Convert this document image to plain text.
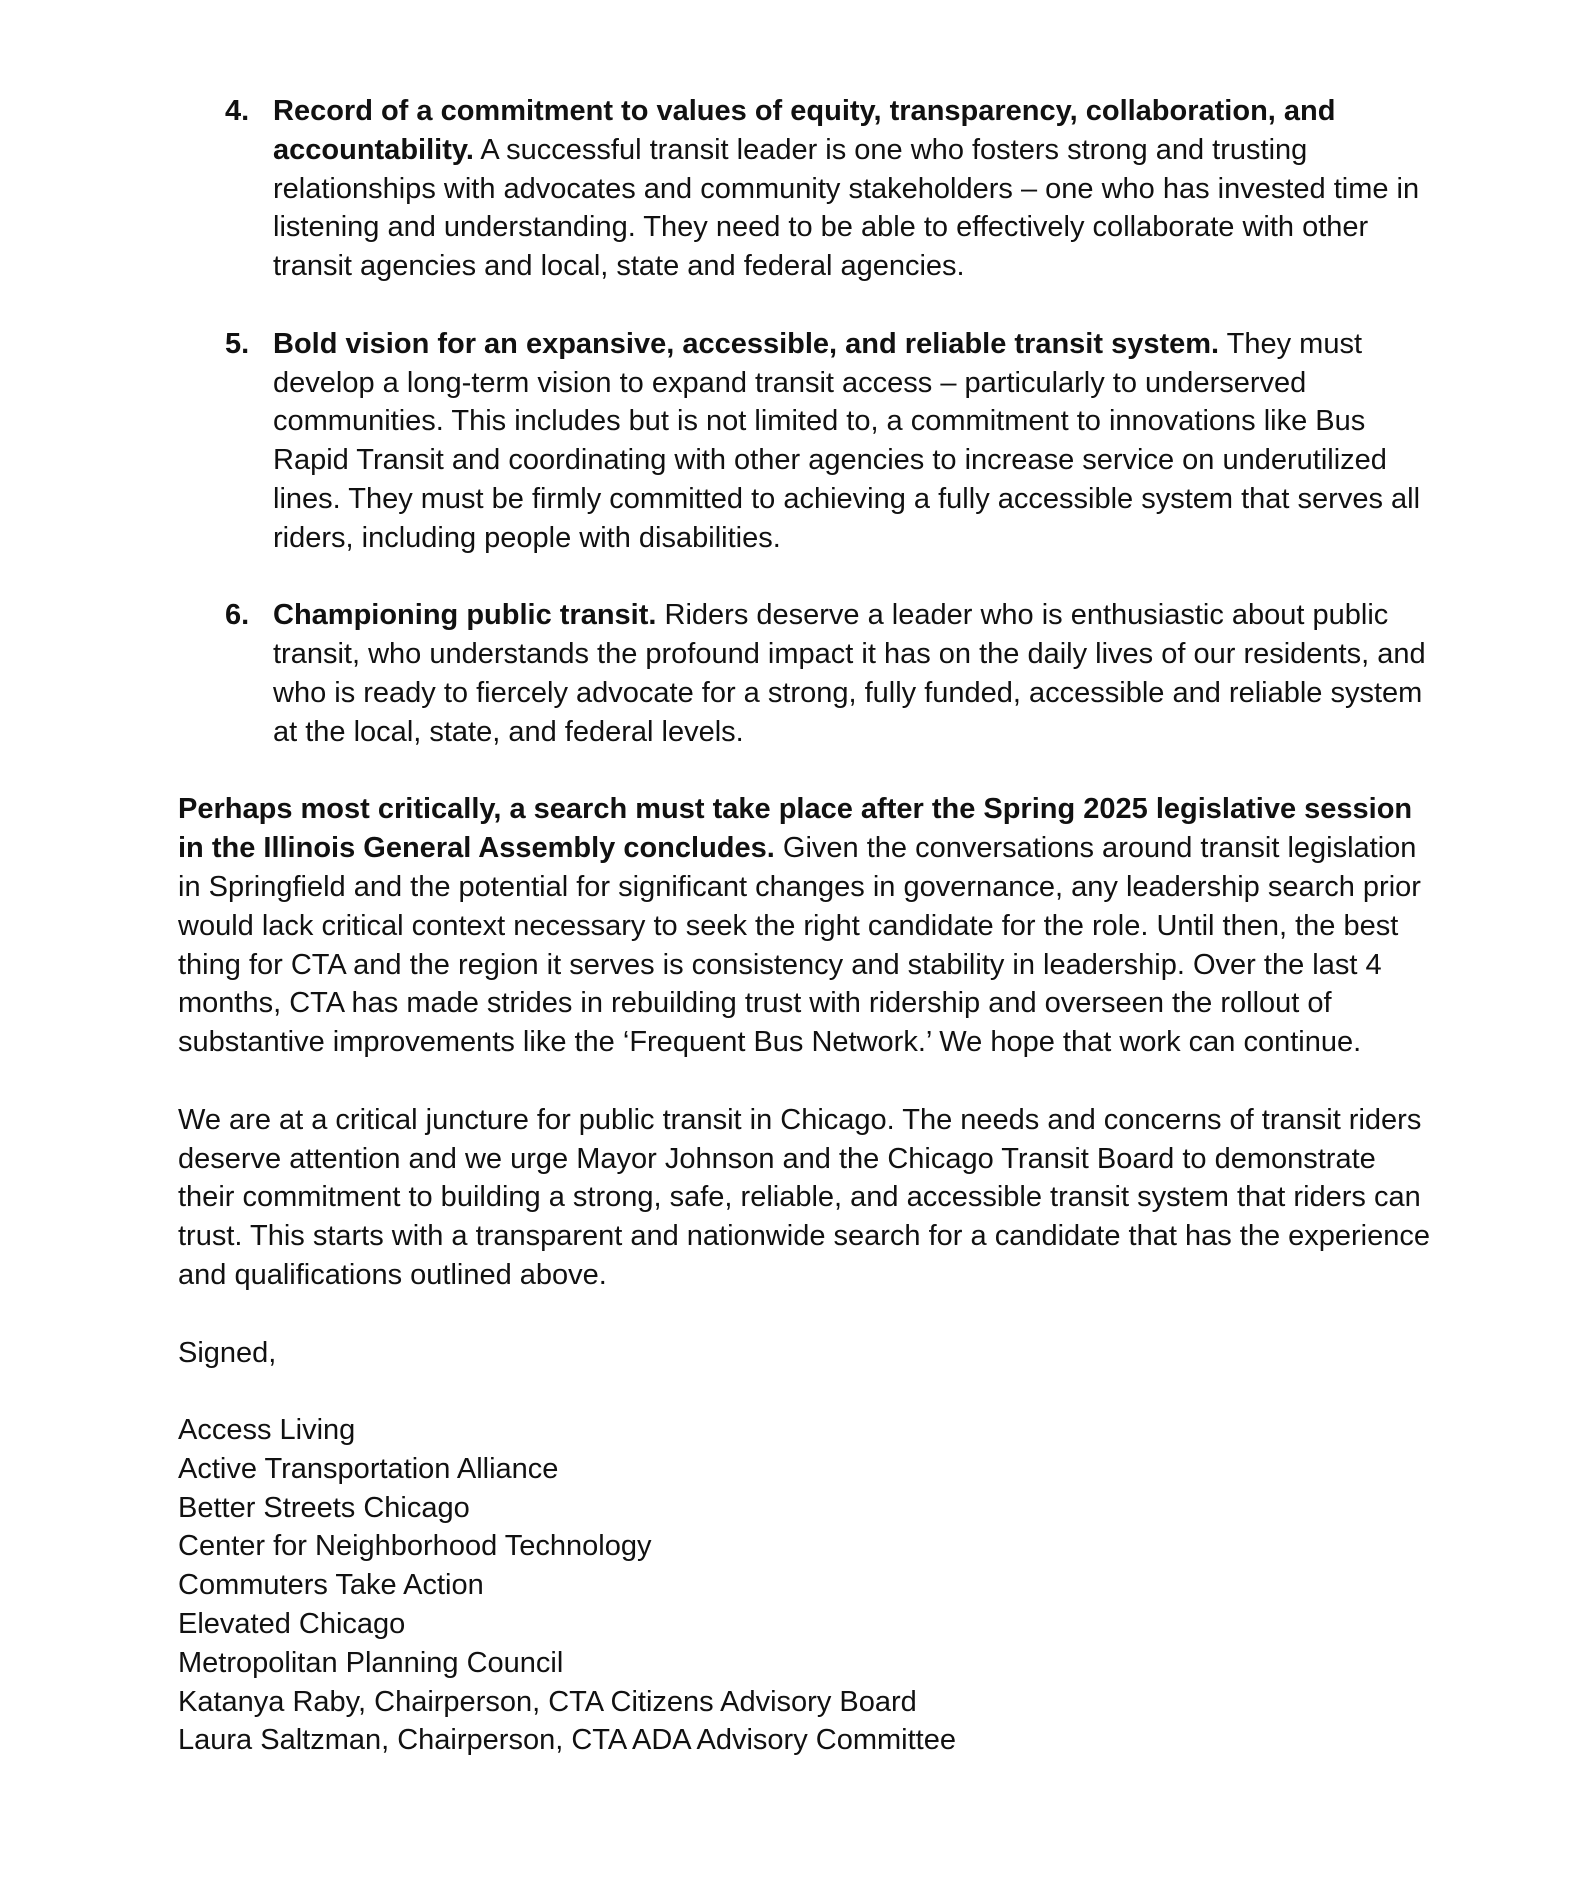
4. Record of a commitment to values of equity, transparency, collaboration, and accountability. A successful transit leader is one who fosters strong and trusting relationships with advocates and community stakeholders – one who has invested time in listening and understanding. They need to be able to effectively collaborate with other transit agencies and local, state and federal agencies.
5. Bold vision for an expansive, accessible, and reliable transit system. They must develop a long-term vision to expand transit access – particularly to underserved communities. This includes but is not limited to, a commitment to innovations like Bus Rapid Transit and coordinating with other agencies to increase service on underutilized lines. They must be firmly committed to achieving a fully accessible system that serves all riders, including people with disabilities.
6. Championing public transit. Riders deserve a leader who is enthusiastic about public transit, who understands the profound impact it has on the daily lives of our residents, and who is ready to fiercely advocate for a strong, fully funded, accessible and reliable system at the local, state, and federal levels.

Perhaps most critically, a search must take place after the Spring 2025 legislative session in the Illinois General Assembly concludes. Given the conversations around transit legislation in Springfield and the potential for significant changes in governance, any leadership search prior would lack critical context necessary to seek the right candidate for the role. Until then, the best thing for CTA and the region it serves is consistency and stability in leadership. Over the last 4 months, CTA has made strides in rebuilding trust with ridership and overseen the rollout of substantive improvements like the ‘Frequent Bus Network.’ We hope that work can continue.

We are at a critical juncture for public transit in Chicago. The needs and concerns of transit riders deserve attention and we urge Mayor Johnson and the Chicago Transit Board to demonstrate their commitment to building a strong, safe, reliable, and accessible transit system that riders can trust. This starts with a transparent and nationwide search for a candidate that has the experience and qualifications outlined above.

Signed,

Access Living
Active Transportation Alliance
Better Streets Chicago
Center for Neighborhood Technology
Commuters Take Action
Elevated Chicago
Metropolitan Planning Council
Katanya Raby, Chairperson, CTA Citizens Advisory Board
Laura Saltzman, Chairperson, CTA ADA Advisory Committee
